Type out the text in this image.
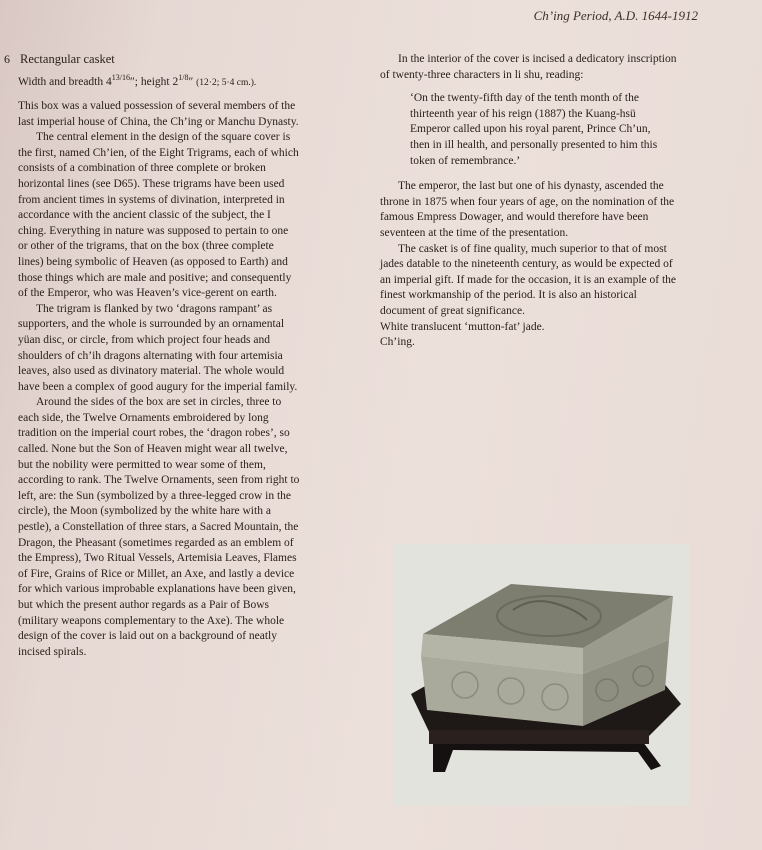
Ch’ing Period, A.D. 1644-1912
6 Rectangular casket
Width and breadth $4^{13/16}''$; height $2^{1/8}''$ (12·2; 5·4 cm.).

This box was a valued possession of several members of the last imperial house of China, the Ch’ing or Manchu Dynasty.

The central element in the design of the square cover is the first, named Ch’ien, of the Eight Trigrams, each of which consists of a combination of three complete or broken horizontal lines (see D65). These trigrams have been used from ancient times in systems of divination, interpreted in accordance with the ancient classic of the subject, the I ching. Everything in nature was supposed to pertain to one or other of the trigrams, that on the box (three complete lines) being symbolic of Heaven (as opposed to Earth) and those things which are male and positive; and consequently of the Emperor, who was Heaven’s vice-gerent on earth.

The trigram is flanked by two ‘dragons rampant’ as supporters, and the whole is surrounded by an ornamental yüan disc, or circle, from which project four heads and shoulders of ch’ih dragons alternating with four artemisia leaves, also used as divinatory material. The whole would have been a complex of good augury for the imperial family.

Around the sides of the box are set in circles, three to each side, the Twelve Ornaments embroidered by long tradition on the imperial court robes, the ‘dragon robes’, so called. None but the Son of Heaven might wear all twelve, but the nobility were permitted to wear some of them, according to rank. The Twelve Ornaments, seen from right to left, are: the Sun (symbolized by a three-legged crow in the circle), the Moon (symbolized by the white hare with a pestle), a Constellation of three stars, a Sacred Mountain, the Dragon, the Pheasant (sometimes regarded as an emblem of the Empress), Two Ritual Vessels, Artemisia Leaves, Flames of Fire, Grains of Rice or Millet, an Axe, and lastly a device for which various improbable explanations have been given, but which the present author regards as a Pair of Bows (military weapons complementary to the Axe). The whole design of the cover is laid out on a background of neatly incised spirals.

In the interior of the cover is incised a dedicatory inscription of twenty-three characters in li shu, reading:

‘On the twenty-fifth day of the tenth month of the thirteenth year of his reign (1887) the Kuang-hsü Emperor called upon his royal parent, Prince Ch’un, then in ill health, and personally presented to him this token of remembrance.’

The emperor, the last but one of his dynasty, ascended the throne in 1875 when four years of age, on the nomination of the famous Empress Dowager, and would therefore have been seventeen at the time of the presentation.

The casket is of fine quality, much superior to that of most jades datable to the nineteenth century, as would be expected of an imperial gift. If made for the occasion, it is an example of the finest workmanship of the period. It is also an historical document of great significance.

White translucent ‘mutton-fat’ jade.

Ch’ing.
